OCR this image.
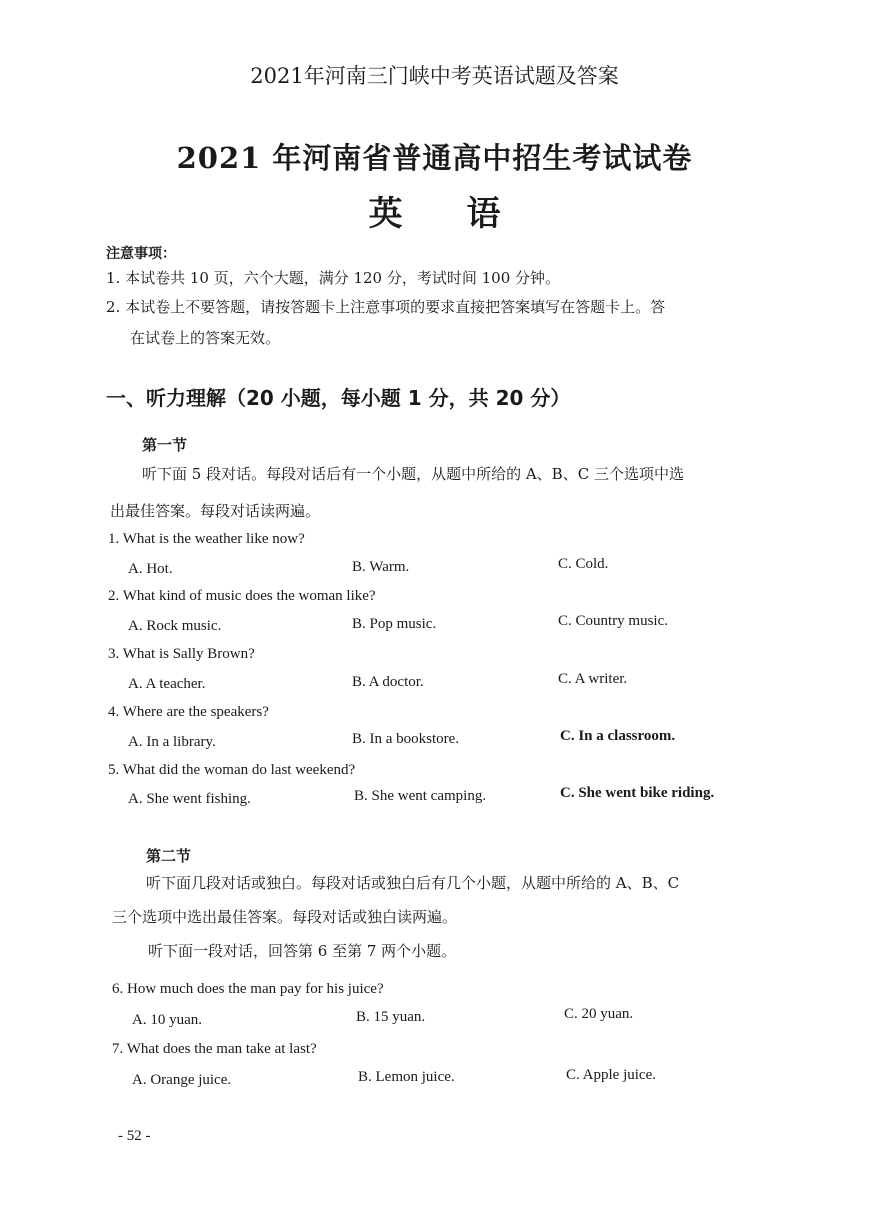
2021年河南三门峡中考英语试题及答案
2021 年河南省普通高中招生考试试卷
英语
注意事项：
1. 本试卷共 10 页，六个大题，满分 120 分，考试时间 100 分钟。
2. 本试卷上不要答题，请按答题卡上注意事项的要求直接把答案填写在答题卡上。答
在试卷上的答案无效。
一、听力理解（20 小题，每小题 1 分，共 20 分）
第一节
听下面 5 段对话。每段对话后有一个小题，从题中所给的 A、B、C 三个选项中选
出最佳答案。每段对话读两遍。
1. What is the weather like now?
A. Hot.	B. Warm.	C. Cold.
2. What kind of music does the woman like?
A. Rock music.	B. Pop music.	C. Country music.
3. What is Sally Brown?
A. A teacher.	B. A doctor.	C. A writer.
4. Where are the speakers?
A. In a library.	B. In a bookstore.	C. In a classroom.
5. What did the woman do last weekend?
A. She went fishing.	B. She went camping.	C. She went bike riding.
第二节
听下面几段对话或独白。每段对话或独白后有几个小题，从题中所给的 A、B、C
三个选项中选出最佳答案。每段对话或独白读两遍。
听下面一段对话，回答第 6 至第 7 两个小题。
6. How much does the man pay for his juice?
A. 10 yuan.	B. 15 yuan.	C. 20 yuan.
7. What does the man take at last?
A. Orange juice.	B. Lemon juice.	C. Apple juice.
- 52 -
